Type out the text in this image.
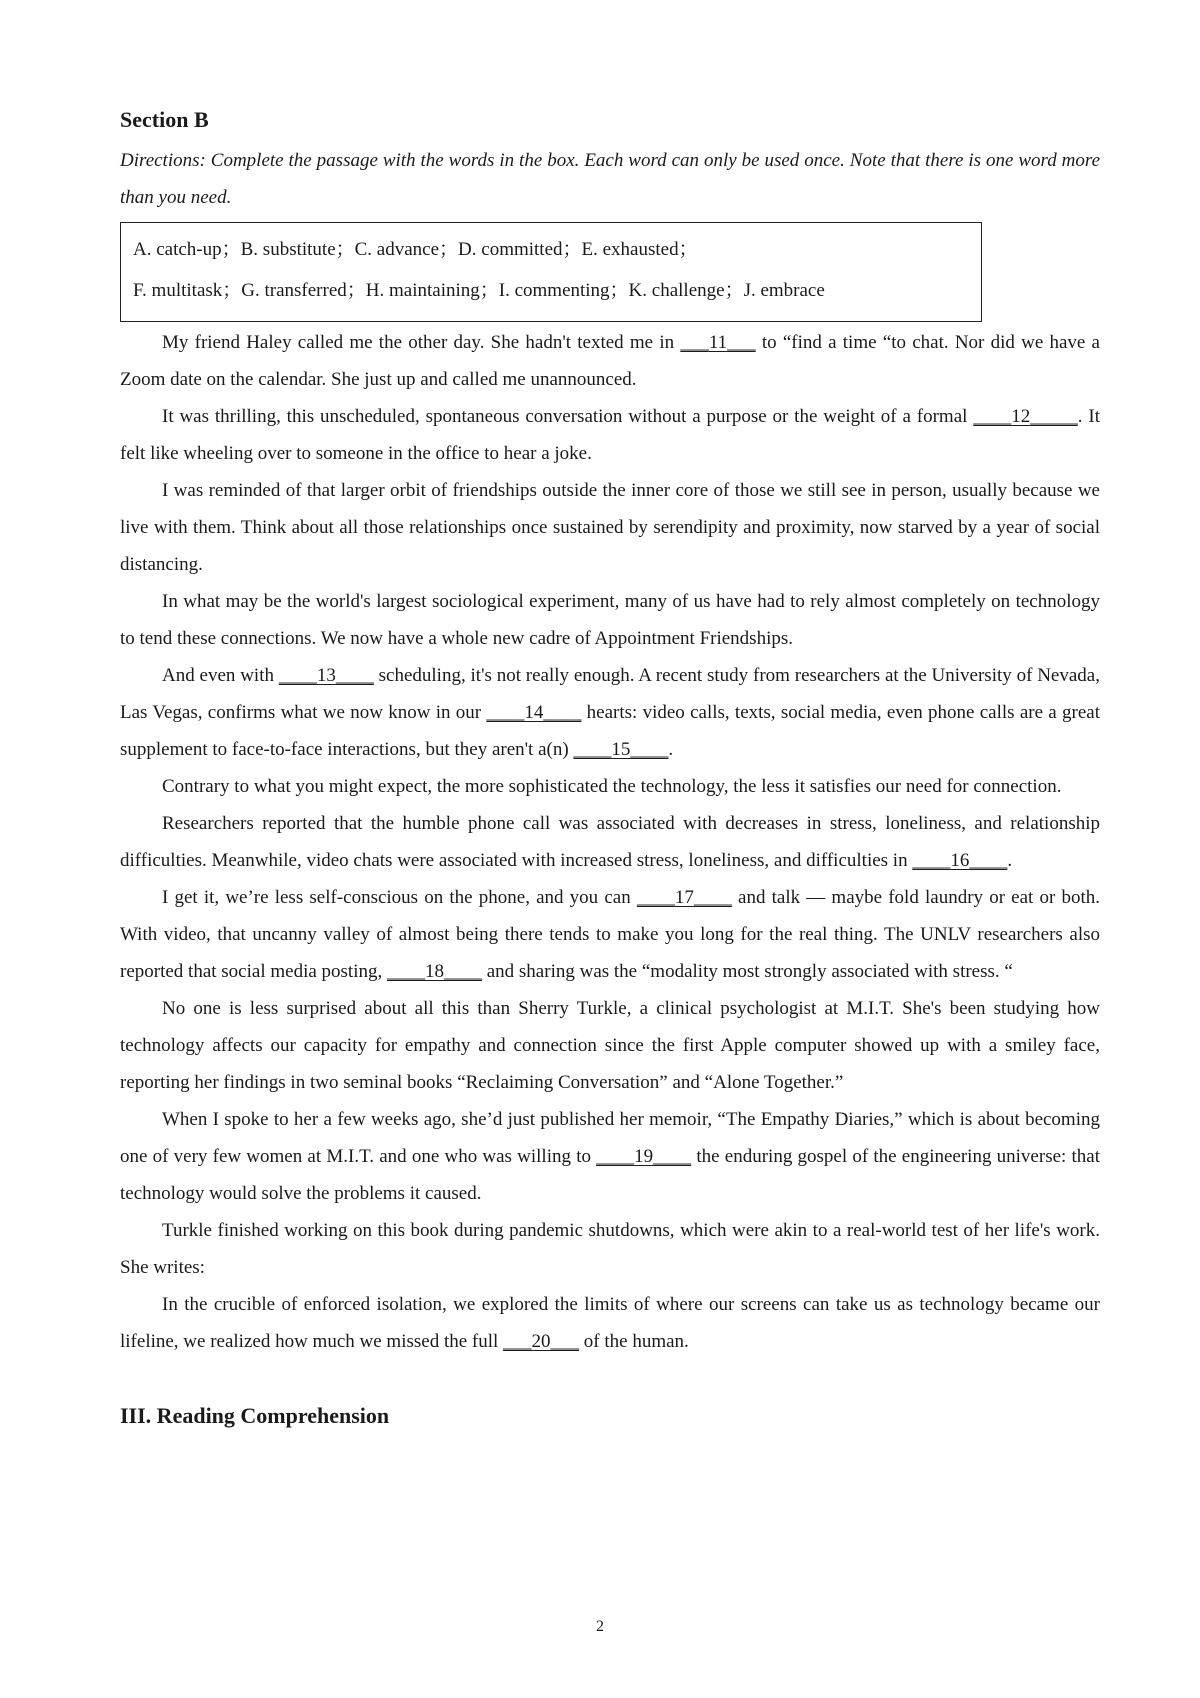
Section B

Directions: Complete the passage with the words in the box. Each word can only be used once. Note that there is one word more than you need.

A. catch-up；B. substitute；C. advance；D. committed；E. exhausted；
F. multitask；G. transferred；H. maintaining；I. commenting；K. challenge；J. embrace

My friend Haley called me the other day. She hadn't texted me in ___11___ to “find a time “to chat. Nor did we have a Zoom date on the calendar. She just up and called me unannounced.

It was thrilling, this unscheduled, spontaneous conversation without a purpose or the weight of a formal ____12_____. It felt like wheeling over to someone in the office to hear a joke.

I was reminded of that larger orbit of friendships outside the inner core of those we still see in person, usually because we live with them. Think about all those relationships once sustained by serendipity and proximity, now starved by a year of social distancing.

In what may be the world's largest sociological experiment, many of us have had to rely almost completely on technology to tend these connections. We now have a whole new cadre of Appointment Friendships.

And even with ____13____ scheduling, it's not really enough. A recent study from researchers at the University of Nevada, Las Vegas, confirms what we now know in our ____14____ hearts: video calls, texts, social media, even phone calls are a great supplement to face-to-face interactions, but they aren't a(n) ____15____.

Contrary to what you might expect, the more sophisticated the technology, the less it satisfies our need for connection.

Researchers reported that the humble phone call was associated with decreases in stress, loneliness, and relationship difficulties. Meanwhile, video chats were associated with increased stress, loneliness, and difficulties in ____16____.

I get it, we’re less self-conscious on the phone, and you can ____17____ and talk — maybe fold laundry or eat or both. With video, that uncanny valley of almost being there tends to make you long for the real thing. The UNLV researchers also reported that social media posting, ____18____ and sharing was the “modality most strongly associated with stress. “

No one is less surprised about all this than Sherry Turkle, a clinical psychologist at M.I.T. She's been studying how technology affects our capacity for empathy and connection since the first Apple computer showed up with a smiley face, reporting her findings in two seminal books “Reclaiming Conversation” and “Alone Together.”

When I spoke to her a few weeks ago, she’d just published her memoir, “The Empathy Diaries,” which is about becoming one of very few women at M.I.T. and one who was willing to ____19____ the enduring gospel of the engineering universe: that technology would solve the problems it caused.

Turkle finished working on this book during pandemic shutdowns, which were akin to a real-world test of her life's work. She writes:

In the crucible of enforced isolation, we explored the limits of where our screens can take us as technology became our lifeline, we realized how much we missed the full ___20___ of the human.

III. Reading Comprehension
2
